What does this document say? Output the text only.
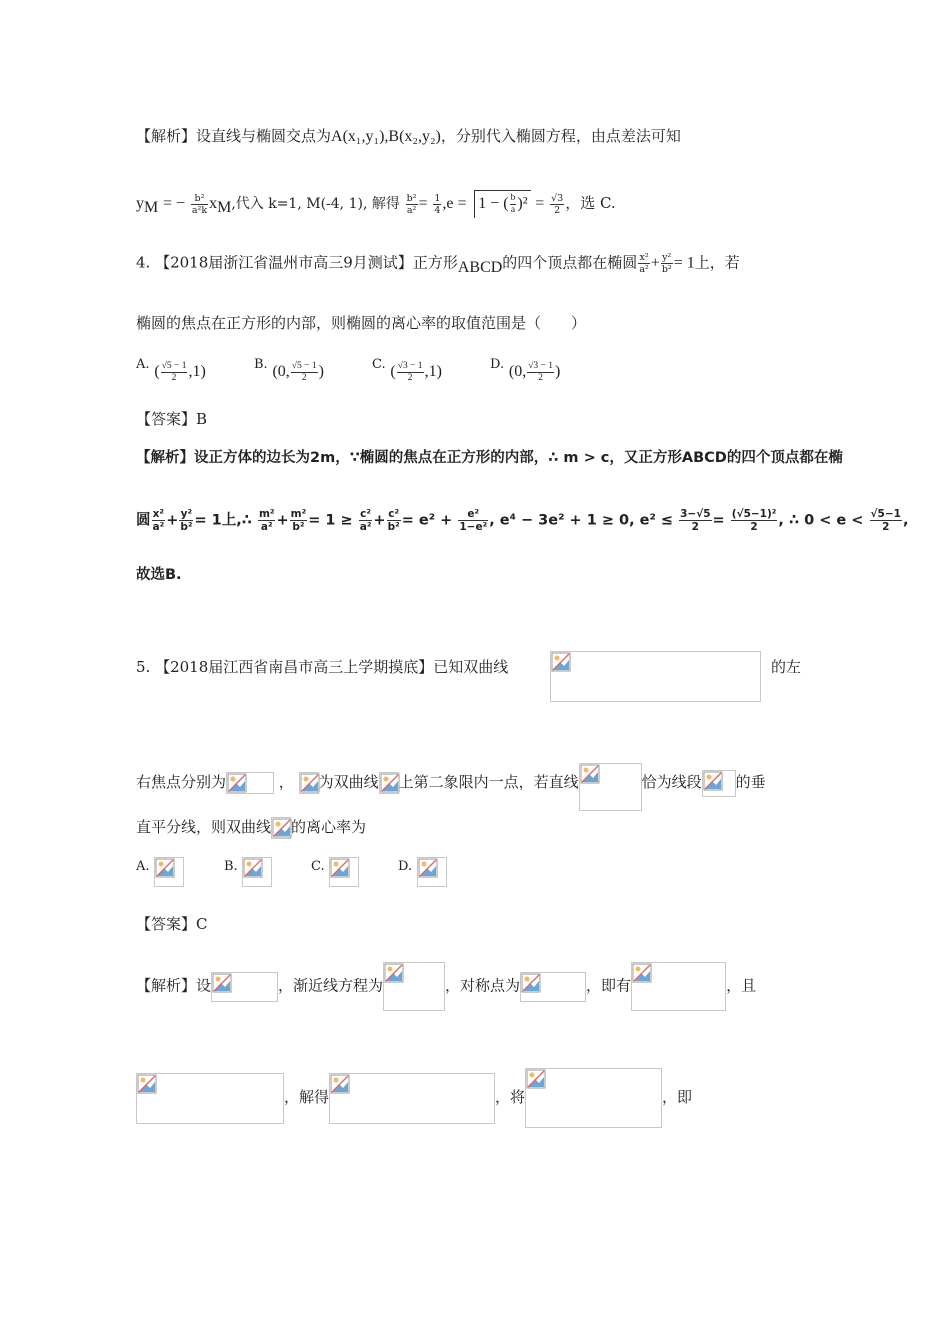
【解析】设直线与椭圆交点为A(x₁,y₁),B(x₂,y₂)，分别代入椭圆方程，由点差法可知
$y_M$ = − $\frac{\text{b²}}{\text{a²k}} x_M$,代入 k=1, M(-4, 1), 解得 $\frac{\text{b²}}{\text{a²}} = \frac{1}{4} ,e = 1$ − ( $\frac{b}{a} )^2 = \frac{√3}{2}$ ，选 C.
4. 【2018届浙江省温州市高三9月测试】正方形ABCD的四个顶点都在椭圆 $\frac{\text{x²}}{\text{a²}} + \frac{\text{y²}}{\text{b²}} = 1$上，若
椭圆的焦点在正方形的内部，则椭圆的离心率的取值范围是（　　）
A. ( $\frac{√5 - 1}{2} ,1$)	B. (0, $\frac{√5 - 1}{2}$ )	C. ( $\frac{√3 - 1}{2} ,1$)	D. (0, $\frac{√3 - 1}{2}$ )
【答案】B
【解析】设正方体的边长为2m，∵椭圆的焦点在正方形的内部，∴ m > c，又正方形ABCD的四个顶点都在椭
圆 $\frac{\text{x²}}{\text{a²}} + \frac{\text{y²}}{\text{b²}} = 1$上,∴ $\frac{\text{m²}}{\text{a²}} + \frac{\text{m²}}{\text{b²}} = 1 \ge \frac{\text{c²}}{\text{a²}} + \frac{\text{c²}}{\text{b²}} = e^2 + \frac{\text{e²}}{\text{1−e²}}$ , e⁴ − 3e² + 1 ≥ 0, $e^2 \le \frac{3-√5}{2} = \frac{\text{(√5−1)²}}{2}$ , ∴ $0 < e < \frac{√5-1}{2}$ ,
故选B.
5. 【2018届江西省南昌市高三上学期摸底】已知双曲线	的左
右焦点分别为	， 为双曲线 上第二象限内一点，若直线	恰为线段 的垂
直平分线，则双曲线 的离心率为
A.	B.	C.	D.
【答案】C
【解析】设	，渐近线方程为	，对称点为	，即有	，且
，解得	，将	，即
